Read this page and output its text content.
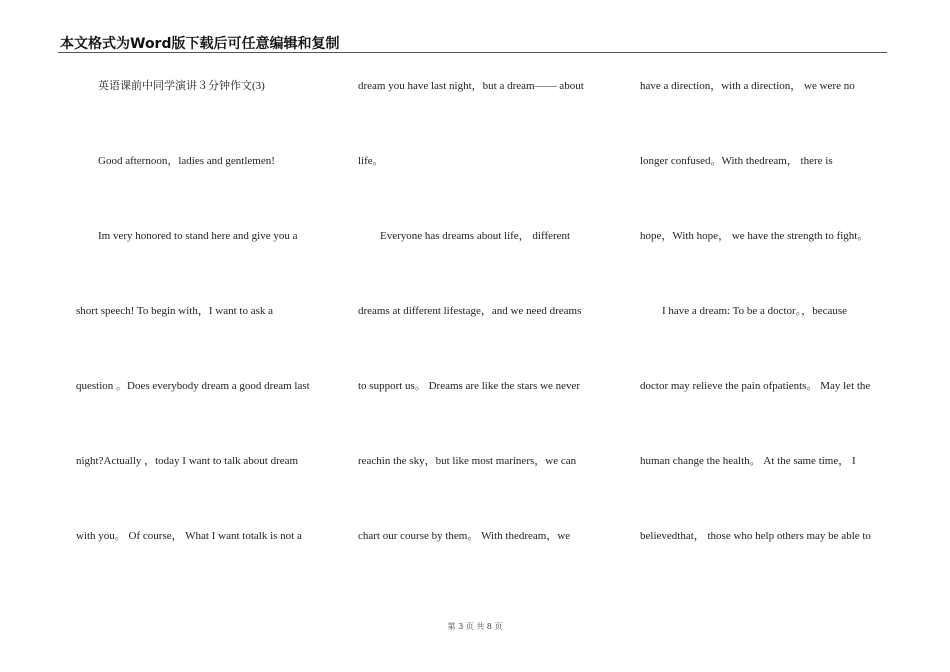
本文格式为Word版下载后可任意编辑和复制
　　英语课前中同学演讲３分钟作文(3)
　　Good afternoon，ladies and gentlemen!
　　Im very honored to stand here and give you a
short speech! To begin with，I want to ask a
question 。Does everybody dream a good dream last
night?Actually ，today I want to talk about dream
with you。 Of course， What I want totalk is not a
dream you have last night，but a dream—— about
life。
　　Everyone has dreams about life， different
dreams at different lifestage，and we need dreams
to support us。 Dreams are like the stars we never
reachin the sky，but like most mariners，we can
chart our course by them。 With thedream，we
have a direction，with a direction， we were no
longer confused。With thedream， there is
hope，With hope， we have the strength to fight。
　　I have a dream: To be a doctor。，because
doctor may relieve the pain ofpatients。 May let the
human change the health。 At the same time， I
believedthat， those who help others may be able to
第 3 页 共 8 页
